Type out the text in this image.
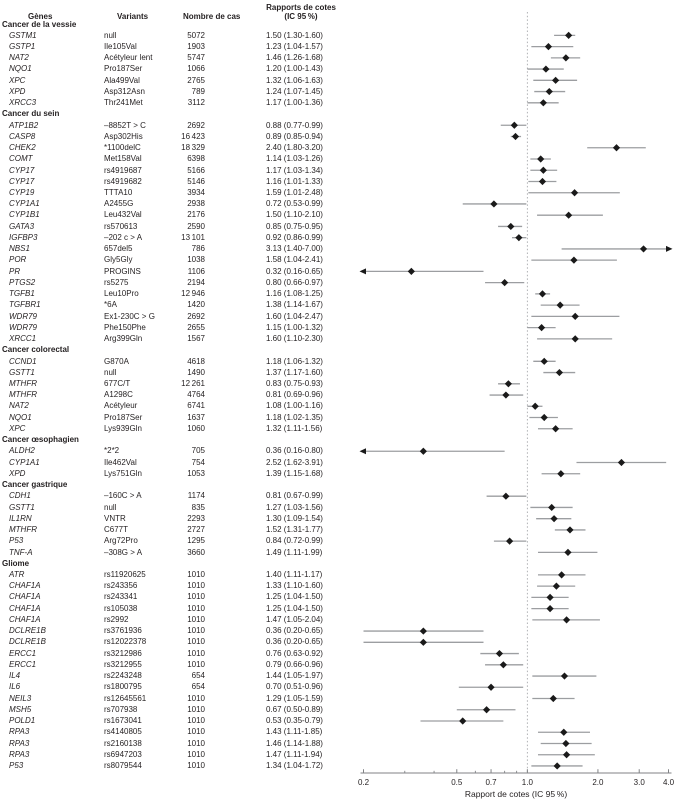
Gènes	Variants	Nombre de cas
Rapports de cotes
(IC 95 %)
Cancer de la vessie
GSTM1	null	5072	1.50 (1.30-1.60)
GSTP1	Ile105Val	1903	1.23 (1.04-1.57)
NAT2	Acétyleur lent	5747	1.46 (1.26-1.68)
NQO1	Pro187Ser	1066	1.20 (1.00-1.43)
XPC	Ala499Val	2765	1.32 (1.06-1.63)
XPD	Asp312Asn	789	1.24 (1.07-1.45)
XRCC3	Thr241Met	3112	1.17 (1.00-1.36)
Cancer du sein
ATP1B2	–8852T > C	2692	0.88 (0.77-0.99)
CASP8	Asp302His	16 423	0.89 (0.85-0.94)
CHEK2	*1100delC	18 329	2.40 (1.80-3.20)
COMT	Met158Val	6398	1.14 (1.03-1.26)
CYP17	rs4919687	5166	1.17 (1.03-1.34)
CYP17	rs4919682	5146	1.16 (1.01-1.33)
CYP19	TTTA10	3934	1.59 (1.01-2.48)
CYP1A1	A2455G	2938	0.72 (0.53-0.99)
CYP1B1	Leu432Val	2176	1.50 (1.10-2.10)
GATA3	rs570613	2590	0.85 (0.75-0.95)
IGFBP3	–202 c > A	13 101	0.92 (0.86-0.99)
NBS1	657del5	786	3.13 (1.40-7.00)
POR	Gly5Gly	1038	1.58 (1.04-2.41)
PR	PROGINS	1106	0.32 (0.16-0.65)
PTGS2	rs5275	2194	0.80 (0.66-0.97)
TGFB1	Leu10Pro	12 946	1.16 (1.08-1.25)
TGFBR1	*6A	1420	1.38 (1.14-1.67)
WDR79	Ex1-230C > G	2692	1.60 (1.04-2.47)
WDR79	Phe150Phe	2655	1.15 (1.00-1.32)
XRCC1	Arg399Gln	1567	1.60 (1.10-2.30)
Cancer colorectal
CCND1	G870A	4618	1.18 (1.06-1.32)
GSTT1	null	1490	1.37 (1.17-1.60)
MTHFR	677C/T	12 261	0.83 (0.75-0.93)
MTHFR	A1298C	4764	0.81 (0.69-0.96)
NAT2	Acétyleur	6741	1.08 (1.00-1.16)
NQO1	Pro187Ser	1637	1.18 (1.02-1.35)
XPC	Lys939Gln	1060	1.32 (1.11-1.56)
Cancer œsophagien
ALDH2	*2*2	705	0.36 (0.16-0.80)
CYP1A1	Ile462Val	754	2.52 (1.62-3.91)
XPD	Lys751Gln	1053	1.39 (1.15-1.68)
Cancer gastrique
CDH1	–160C > A	1174	0.81 (0.67-0.99)
GSTT1	null	835	1.27 (1.03-1.56)
IL1RN	VNTR	2293	1.30 (1.09-1.54)
MTHFR	C677T	2727	1.52 (1.31-1.77)
P53	Arg72Pro	1295	0.84 (0.72-0.99)
TNF-A	–308G > A	3660	1.49 (1.11-1.99)
Gliome
ATR	rs11920625	1010	1.40 (1.11-1.17)
CHAF1A	rs243356	1010	1.33 (1.10-1.60)
CHAF1A	rs243341	1010	1.25 (1.04-1.50)
CHAF1A	rs105038	1010	1.25 (1.04-1.50)
CHAF1A	rs2992	1010	1.47 (1.05-2.04)
DCLRE1B	rs3761936	1010	0.36 (0.20-0.65)
DCLRE1B	rs12022378	1010	0.36 (0.20-0.65)
ERCC1	rs3212986	1010	0.76 (0.63-0.92)
ERCC1	rs3212955	1010	0.79 (0.66-0.96)
IL4	rs2243248	654	1.44 (1.05-1.97)
IL6	rs1800795	654	0.70 (0.51-0.96)
NEIL3	rs12645561	1010	1.29 (1.05-1.59)
MSH5	rs707938	1010	0.67 (0.50-0.89)
POLD1	rs1673041	1010	0.53 (0.35-0.79)
RPA3	rs4140805	1010	1.43 (1.11-1.85)
RPA3	rs2160138	1010	1.46 (1.14-1.88)
RPA3	rs6947203	1010	1.47 (1.11-1.94)
P53	rs8079544	1010	1.34 (1.04-1.72)
0.2	0.5	0.7	1.0	2.0	3.0 4.0
Rapport de cotes (IC 95 %)
